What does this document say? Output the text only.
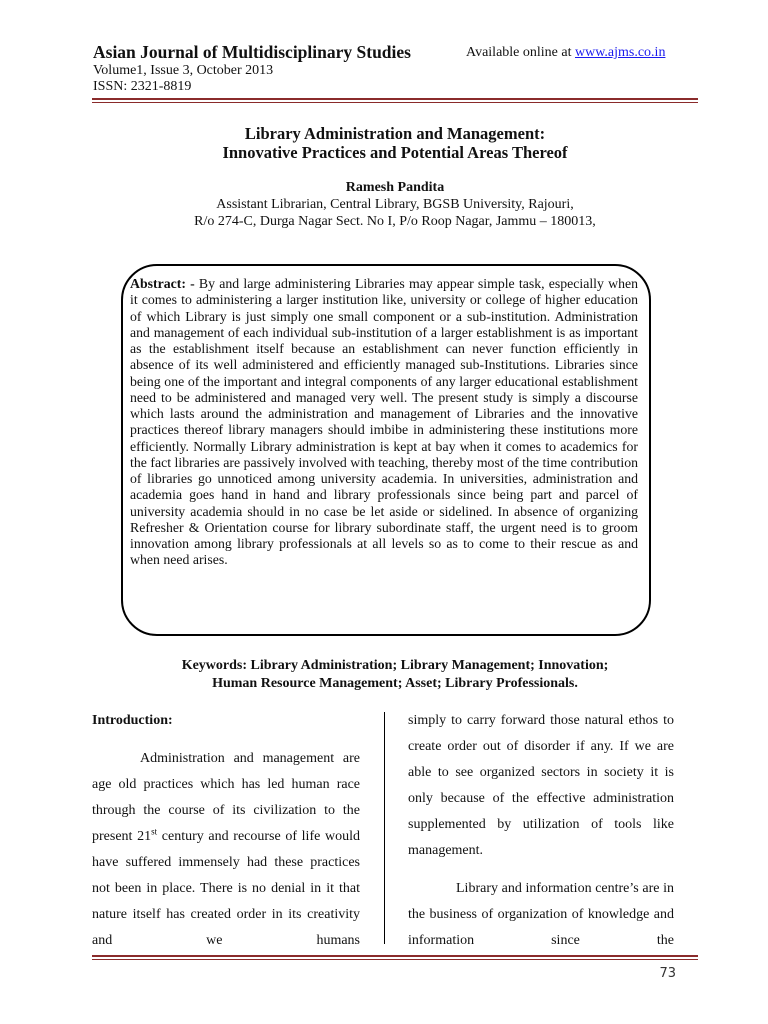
Asian Journal of Multidisciplinary Studies	Available online at www.ajms.co.in
Volume1, Issue 3, October 2013
ISSN: 2321-8819
Library Administration and Management:
Innovative Practices and Potential Areas Thereof
Ramesh Pandita
Assistant Librarian, Central Library, BGSB University, Rajouri,
R/o 274-C, Durga Nagar Sect. No I, P/o Roop Nagar, Jammu – 180013,

Abstract: - By and large administering Libraries may appear simple task, especially when it comes to administering a larger institution like, university or college of higher education of which Library is just simply one small component or a sub-institution. Administration and management of each individual sub-institution of a larger establishment is as important as the establishment itself because an establishment can never function efficiently in absence of its well administered and efficiently managed sub-Institutions. Libraries since being one of the important and integral components of any larger educational establishment need to be administered and managed very well. The present study is simply a discourse which lasts around the administration and management of Libraries and the innovative practices thereof library managers should imbibe in administering these institutions more efficiently. Normally Library administration is kept at bay when it comes to academics for the fact libraries are passively involved with teaching, thereby most of the time contribution of libraries go unnoticed among university academia. In universities, administration and academia goes hand in hand and library professionals since being part and parcel of university academia should in no case be let aside or sidelined. In absence of organizing Refresher & Orientation course for library subordinate staff, the urgent need is to groom innovation among library professionals at all levels so as to come to their rescue as and when need arises.

Keywords: Library Administration; Library Management; Innovation;
Human Resource Management; Asset; Library Professionals.
Introduction:

Administration and management are age old practices which has led human race through the course of its civilization to the present 21st century and recourse of life would have suffered immensely had these practices not been in place. There is no denial in it that nature itself has created order in its creativity and we humans

simply to carry forward those natural ethos to create order out of disorder if any. If we are able to see organized sectors in society it is only because of the effective administration supplemented by utilization of tools like management.

Library and information centre’s are in the business of organization of knowledge and information since the

73
